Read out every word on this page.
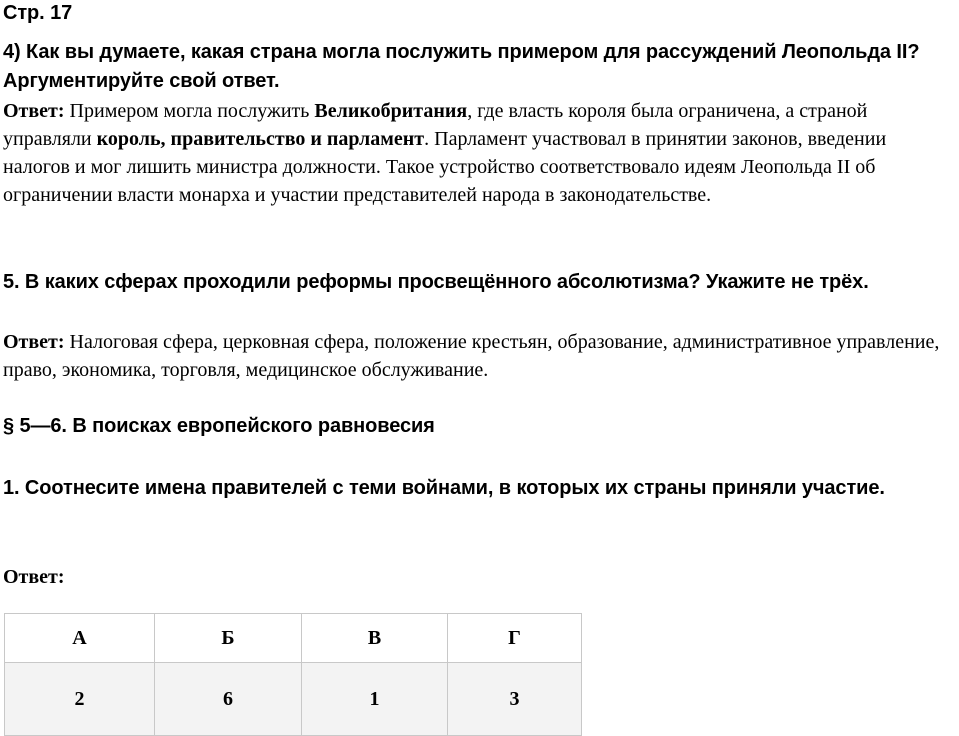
Стр. 17

4) Как вы думаете, какая страна могла послужить примером для рассуждений Леопольда II? Аргументируйте свой ответ.

Ответ: Примером могла послужить Великобритания, где власть короля была ограничена, а страной управляли король, правительство и парламент. Парламент участвовал в принятии законов, введении налогов и мог лишить министра должности. Такое устройство соответствовало идеям Леопольда II об ограничении власти монарха и участии представителей народа в законодательстве.

5. В каких сферах проходили реформы просвещённого абсолютизма? Укажите не трёх.

Ответ: Налоговая сфера, церковная сфера, положение крестьян, образование, административное управление, право, экономика, торговля, медицинское обслуживание.

§ 5—6. В поисках европейского равновесия

1. Соотнесите имена правителей с теми войнами, в которых их страны приняли участие.

Ответ:

А	Б	В	Г
2	6	1	3
